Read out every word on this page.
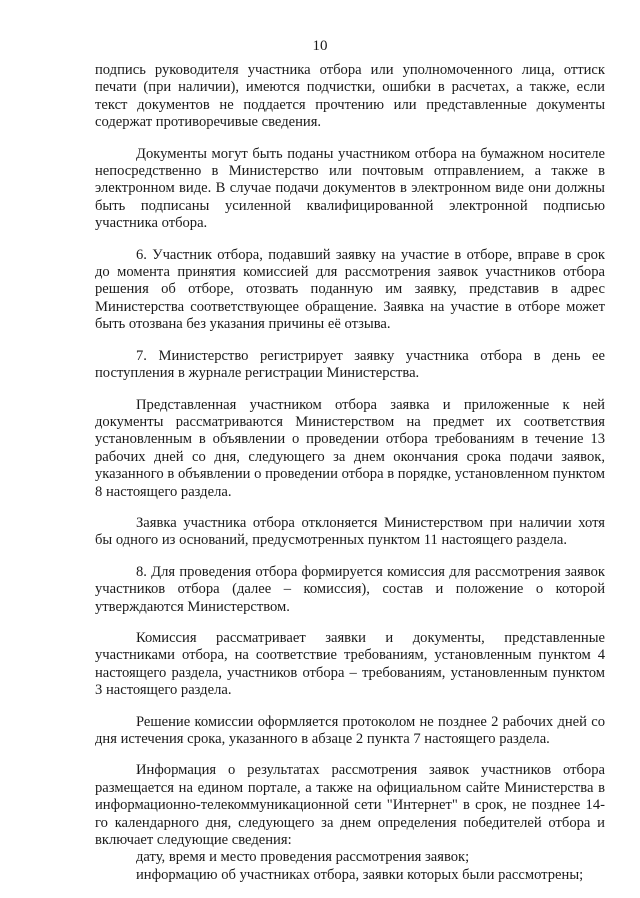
10

подпись руководителя участника отбора или уполномоченного лица, оттиск печати (при наличии), имеются подчистки, ошибки в расчетах, а также, если текст документов не поддается прочтению или представленные документы содержат противоречивые сведения.

Документы могут быть поданы участником отбора на бумажном носителе непосредственно в Министерство или почтовым отправлением, а также в электронном виде. В случае подачи документов в электронном виде они должны быть подписаны усиленной квалифицированной электронной подписью участника отбора.

6. Участник отбора, подавший заявку на участие в отборе, вправе в срок до момента принятия комиссией для рассмотрения заявок участников отбора решения об отборе, отозвать поданную им заявку, представив в адрес Министерства соответствующее обращение. Заявка на участие в отборе может быть отозвана без указания причины её отзыва.

7. Министерство регистрирует заявку участника отбора в день ее поступления в журнале регистрации Министерства.

Представленная участником отбора заявка и приложенные к ней документы рассматриваются Министерством на предмет их соответствия установленным в объявлении о проведении отбора требованиям в течение 13 рабочих дней со дня, следующего за днем окончания срока подачи заявок, указанного в объявлении о проведении отбора в порядке, установленном пунктом 8 настоящего раздела.

Заявка участника отбора отклоняется Министерством при наличии хотя бы одного из оснований, предусмотренных пунктом 11 настоящего раздела.

8. Для проведения отбора формируется комиссия для рассмотрения заявок участников отбора (далее – комиссия), состав и положение о которой утверждаются Министерством.

Комиссия рассматривает заявки и документы, представленные участниками отбора, на соответствие требованиям, установленным пунктом 4 настоящего раздела, участников отбора – требованиям, установленным пунктом 3 настоящего раздела.

Решение комиссии оформляется протоколом не позднее 2 рабочих дней со дня истечения срока, указанного в абзаце 2 пункта 7 настоящего раздела.

Информация о результатах рассмотрения заявок участников отбора размещается на едином портале, а также на официальном сайте Министерства в информационно-телекоммуникационной сети "Интернет" в срок, не позднее 14-го календарного дня, следующего за днем определения победителей отбора и включает следующие сведения:

дату, время и место проведения рассмотрения заявок;

информацию об участниках отбора, заявки которых были рассмотрены;
